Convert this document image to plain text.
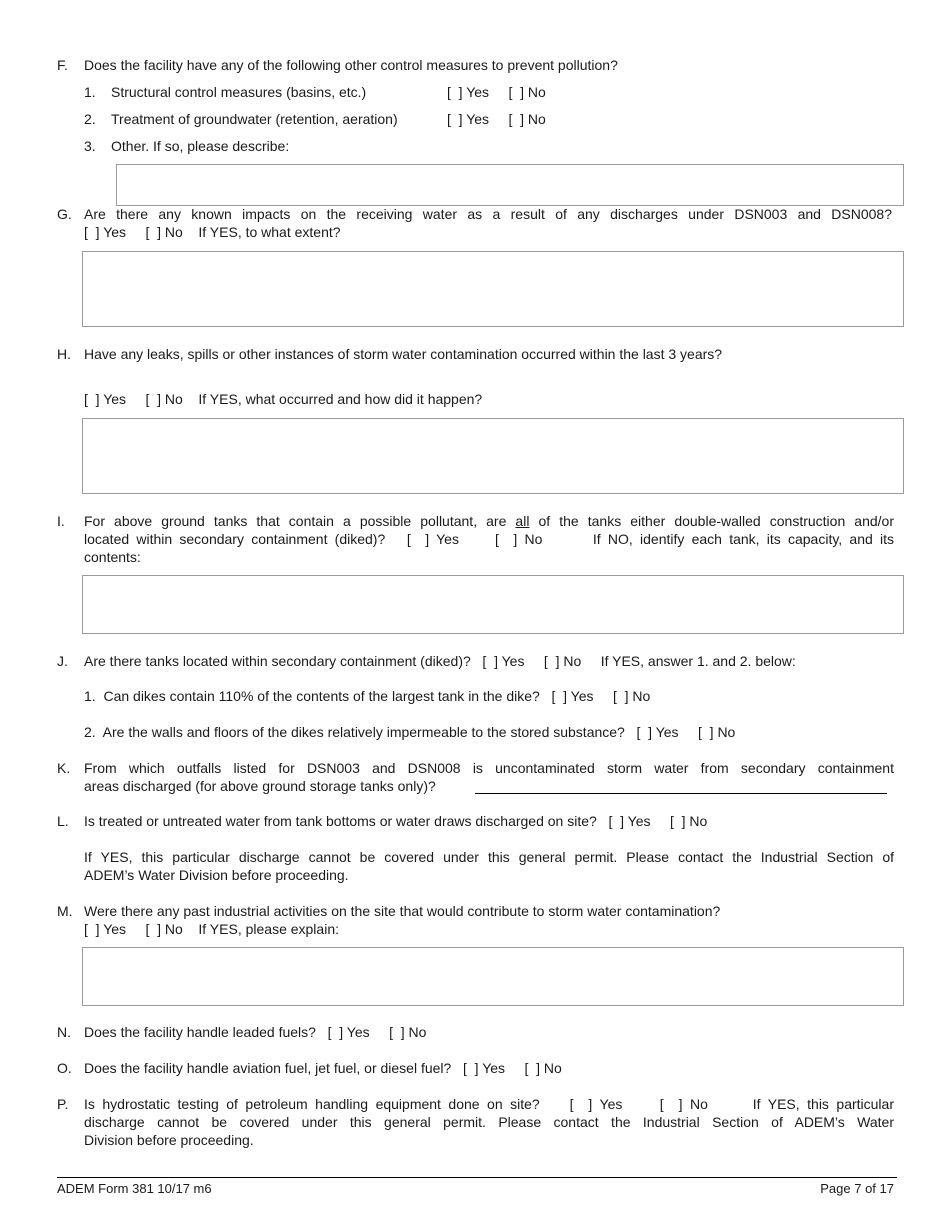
F. Does the facility have any of the following other control measures to prevent pollution?
1. Structural control measures (basins, etc.)	[  ] Yes     [  ] No
2. Treatment of groundwater (retention, aeration)	[  ] Yes     [  ] No
3. Other. If so, please describe:
G. Are there any known impacts on the receiving water as a result of any discharges under DSN003 and DSN008?
[  ] Yes     [  ] No    If YES, to what extent?
H. Have any leaks, spills or other instances of storm water contamination occurred within the last 3 years?
[  ] Yes     [  ] No    If YES, what occurred and how did it happen?
I. For above ground tanks that contain a possible pollutant, are all of the tanks either double-walled construction and/or
located within secondary containment (diked)?   [  ] Yes     [  ] No       If NO, identify each tank, its capacity, and its
contents:
J. Are there tanks located within secondary containment (diked)?   [  ] Yes     [  ] No     If YES, answer 1. and 2. below:
1.  Can dikes contain 110% of the contents of the largest tank in the dike?   [  ] Yes     [  ] No
2.  Are the walls and floors of the dikes relatively impermeable to the stored substance?   [  ] Yes     [  ] No
K. From which outfalls listed for DSN003 and DSN008 is uncontaminated storm water from secondary containment
areas discharged (for above ground storage tanks only)?
L. Is treated or untreated water from tank bottoms or water draws discharged on site?   [  ] Yes     [  ] No
If YES, this particular discharge cannot be covered under this general permit. Please contact the Industrial Section of
ADEM’s Water Division before proceeding.
M. Were there any past industrial activities on the site that would contribute to storm water contamination?
[  ] Yes     [  ] No    If YES, please explain:
N. Does the facility handle leaded fuels?   [  ] Yes     [  ] No
O. Does the facility handle aviation fuel, jet fuel, or diesel fuel?   [  ] Yes     [  ] No
P. Is hydrostatic testing of petroleum handling equipment done on site?    [  ] Yes     [  ] No      If YES, this particular
discharge cannot be covered under this general permit. Please contact the Industrial Section of ADEM’s Water
Division before proceeding.
ADEM Form 381 10/17 m6	Page 7 of 17
